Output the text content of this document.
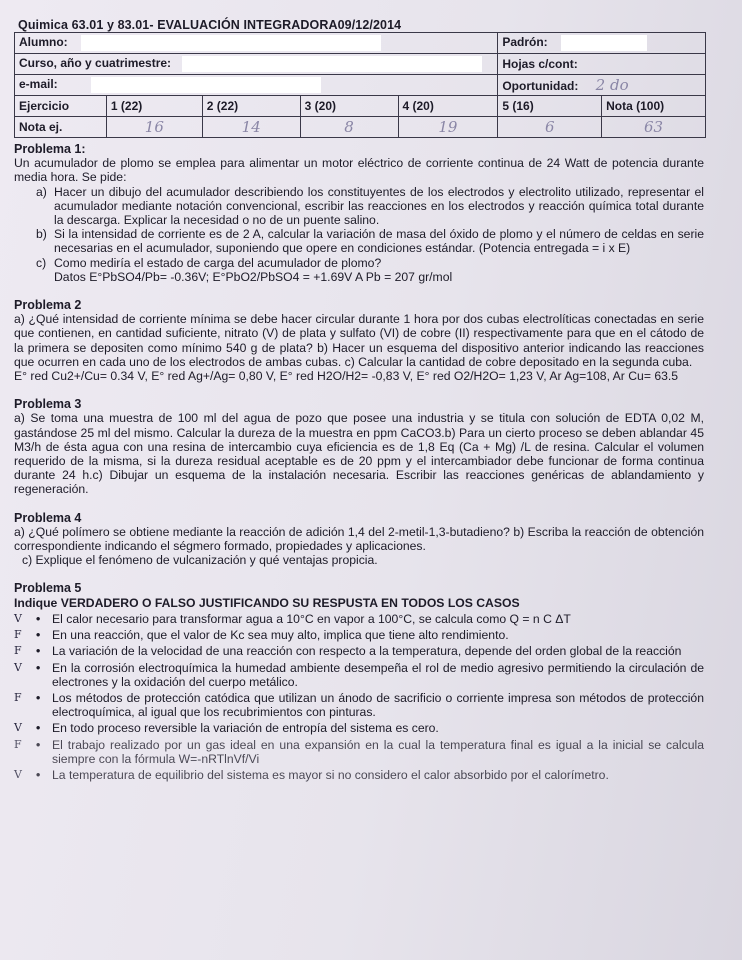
Quimica 63.01 y 83.01- EVALUACIÓN INTEGRADORA09/12/2014
Alumno:					Padrón:	
Curso, año y cuatrimestre:					Hojas c/cont:	
e-mail:					Oportunidad: 2 do	
Ejercicio	1 (22)	2 (22)	3 (20)	4 (20)	5 (16)	Nota (100)
Nota ej.	16	14	8	19	6	63
Problema 1:
Un acumulador de plomo se emplea para alimentar un motor eléctrico de corriente continua de 24 Watt de potencia durante media hora. Se pide:
a) Hacer un dibujo del acumulador describiendo los constituyentes de los electrodos y electrolito utilizado, representar el acumulador mediante notación convencional, escribir las reacciones en los electrodos y reacción química total durante la descarga. Explicar la necesidad o no de un puente salino.
b) Si la intensidad de corriente es de 2 A, calcular la variación de masa del óxido de plomo y el número de celdas en serie necesarias en el acumulador, suponiendo que opere en condiciones estándar. (Potencia entregada = i x E)
c) Como mediría el estado de carga del acumulador de plomo?
Datos E°PbSO4/Pb= -0.36V; E°PbO2/PbSO4 = +1.69V A Pb = 207 gr/mol
Problema 2
a) ¿Qué intensidad de corriente mínima se debe hacer circular durante 1 hora por dos cubas electrolíticas conectadas en serie que contienen, en cantidad suficiente, nitrato (V) de plata y sulfato (VI) de cobre (II) respectivamente para que en el cátodo de la primera se depositen como mínimo 540 g de plata? b) Hacer un esquema del dispositivo anterior indicando las reacciones que ocurren en cada uno de los electrodos de ambas cubas. c) Calcular la cantidad de cobre depositado en la segunda cuba.
E° red Cu2+/Cu= 0.34 V, E° red Ag+/Ag= 0,80 V, E° red H2O/H2= -0,83 V, E° red O2/H2O= 1,23 V, Ar Ag=108, Ar Cu= 63.5
Problema 3
a) Se toma una muestra de 100 ml del agua de pozo que posee una industria y se titula con solución de EDTA 0,02 M, gastándose 25 ml del mismo. Calcular la dureza de la muestra en ppm CaCO3.b) Para un cierto proceso se deben ablandar 45 M3/h de ésta agua con una resina de intercambio cuya eficiencia es de 1,8 Eq (Ca + Mg) /L de resina. Calcular el volumen requerido de la misma, si la dureza residual aceptable es de 20 ppm y el intercambiador debe funcionar de forma continua durante 24 h.c) Dibujar un esquema de la instalación necesaria. Escribir las reacciones genéricas de ablandamiento y regeneración.
Problema 4
a) ¿Qué polímero se obtiene mediante la reacción de adición 1,4 del 2-metil-1,3-butadieno? b) Escriba la reacción de obtención correspondiente indicando el ségmero formado, propiedades y aplicaciones.
c) Explique el fenómeno de vulcanización y qué ventajas propicia.
Problema 5
Indique VERDADERO O FALSO JUSTIFICANDO SU RESPUSTA EN TODOS LOS CASOS
V	• El calor necesario para transformar agua a 10°C en vapor a 100°C, se calcula como Q = n C ΔT
F	• En una reacción, que el valor de Kc sea muy alto, implica que tiene alto rendimiento.
F	• La variación de la velocidad de una reacción con respecto a la temperatura, depende del orden global de la reacción
V	• En la corrosión electroquímica la humedad ambiente desempeña el rol de medio agresivo permitiendo la circulación de electrones y la oxidación del cuerpo metálico.
F	• Los métodos de protección catódica que utilizan un ánodo de sacrificio o corriente impresa son métodos de protección electroquímica, al igual que los recubrimientos con pinturas.
V	• En todo proceso reversible la variación de entropía del sistema es cero.
F	• El trabajo realizado por un gas ideal en una expansión en la cual la temperatura final es igual a la inicial se calcula siempre con la fórmula W=-nRTlnVf/Vi
V	• La temperatura de equilibrio del sistema es mayor si no considero el calor absorbido por el calorímetro.
